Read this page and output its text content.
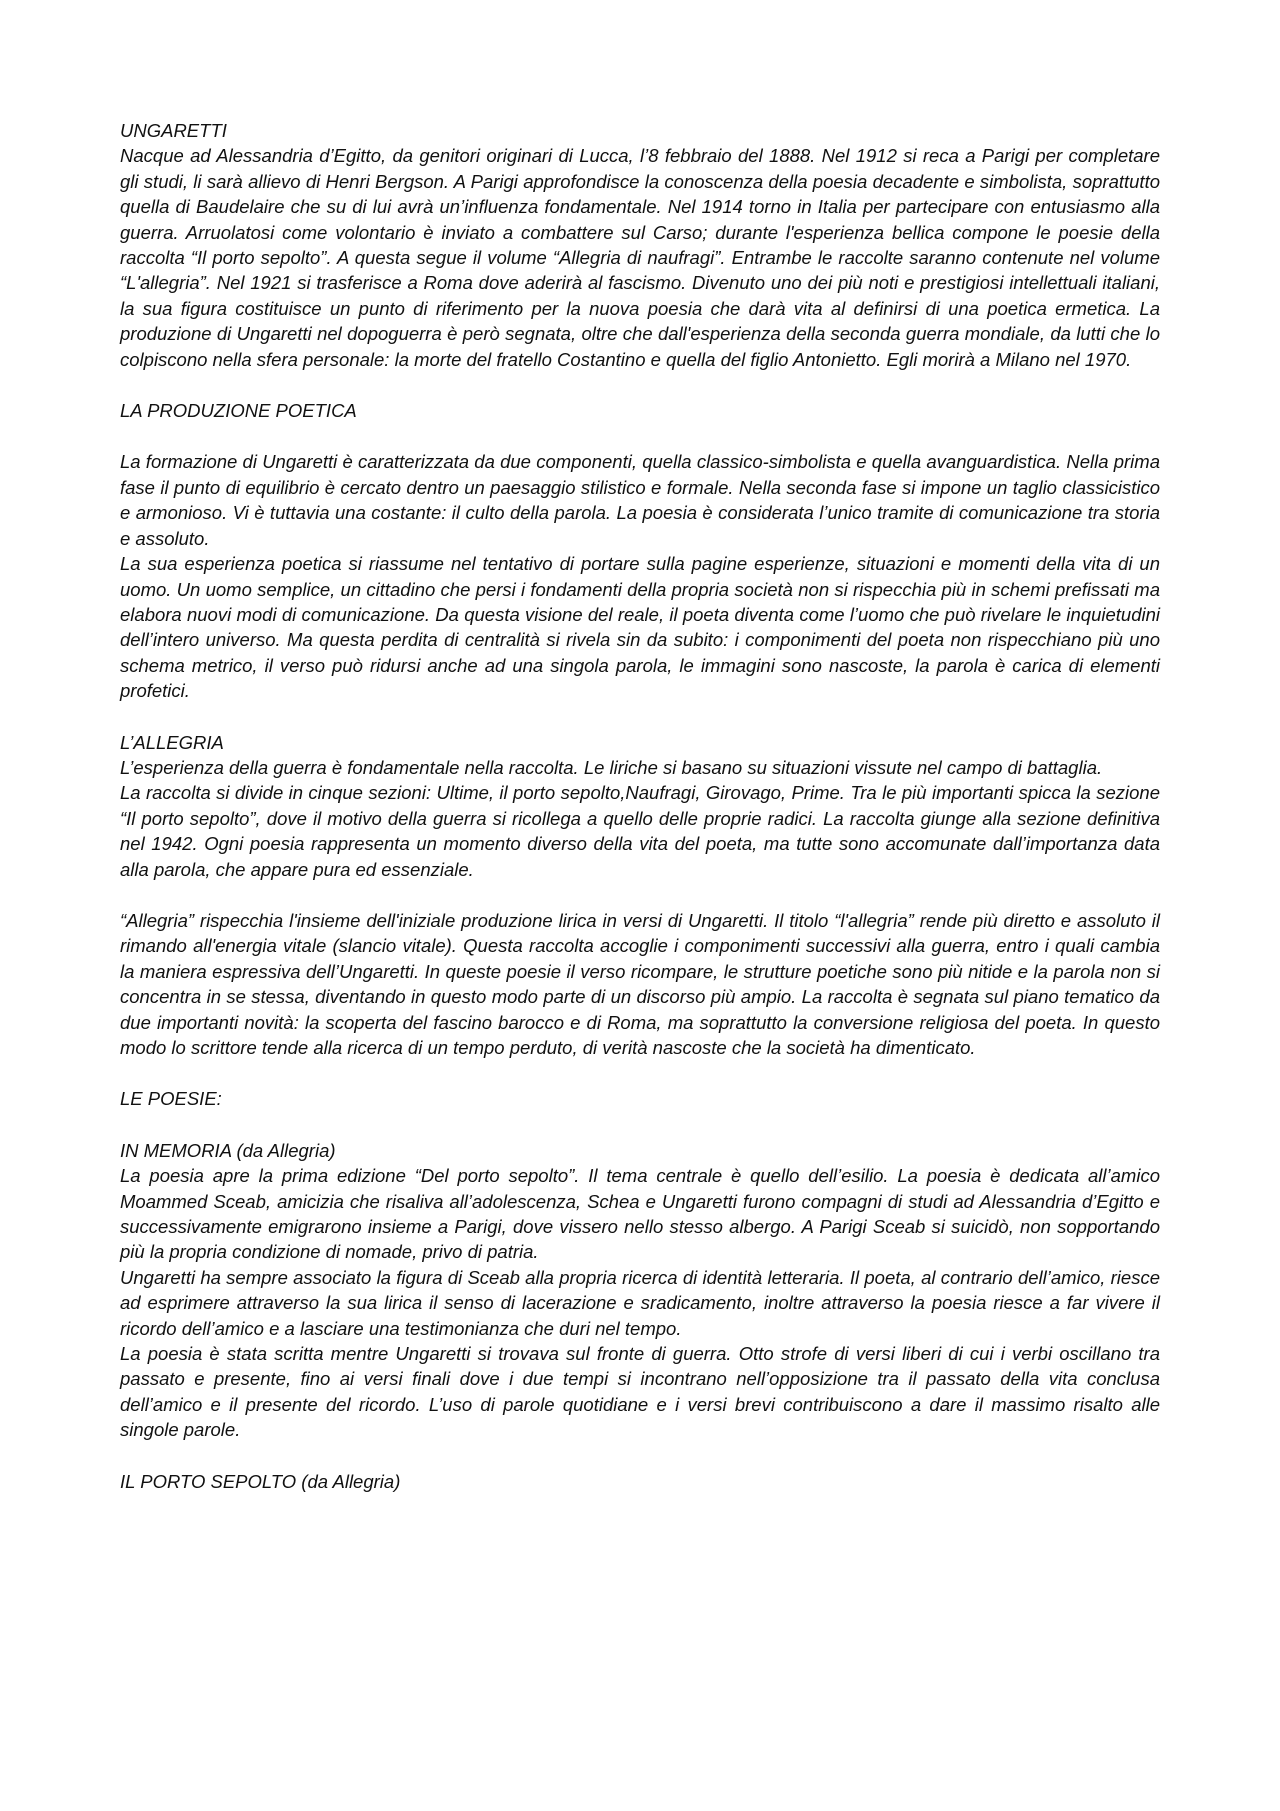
UNGARETTI

Nacque ad Alessandria d’Egitto, da genitori originari di Lucca, l’8 febbraio del 1888. Nel 1912 si reca a Parigi per completare gli studi, li sarà allievo di Henri Bergson. A Parigi approfondisce la conoscenza della poesia decadente e simbolista, soprattutto quella di Baudelaire che su di lui avrà un’influenza fondamentale. Nel 1914 torno in Italia per partecipare con entusiasmo alla guerra. Arruolatosi come volontario è inviato a combattere sul Carso; durante l'esperienza bellica compone le poesie della raccolta “Il porto sepolto”. A questa segue il volume “Allegria di naufragi”. Entrambe le raccolte saranno contenute nel volume “L'allegria”. Nel 1921 si trasferisce a Roma dove aderirà al fascismo. Divenuto uno dei più noti e prestigiosi intellettuali italiani, la sua figura costituisce un punto di riferimento per la nuova poesia che darà vita al definirsi di una poetica ermetica. La produzione di Ungaretti nel dopoguerra è però segnata, oltre che dall'esperienza della seconda guerra mondiale, da lutti che lo colpiscono nella sfera personale: la morte del fratello Costantino e quella del figlio Antonietto. Egli morirà a Milano nel 1970.

LA PRODUZIONE POETICA

La formazione di Ungaretti è caratterizzata da due componenti, quella classico-simbolista e quella avanguardistica. Nella prima fase il punto di equilibrio è cercato dentro un paesaggio stilistico e formale. Nella seconda fase si impone un taglio classicistico e armonioso. Vi è tuttavia una costante: il culto della parola. La poesia è considerata l’unico tramite di comunicazione tra storia e assoluto.

La sua esperienza poetica si riassume nel tentativo di portare sulla pagine esperienze, situazioni e momenti della vita di un uomo. Un uomo semplice, un cittadino che persi i fondamenti della propria società non si rispecchia più in schemi prefissati ma elabora nuovi modi di comunicazione. Da questa visione del reale, il poeta diventa come l’uomo che può rivelare le inquietudini dell’intero universo. Ma questa perdita di centralità si rivela sin da subito: i componimenti del poeta non rispecchiano più uno schema metrico, il verso può ridursi anche ad una singola parola, le immagini sono nascoste, la parola è carica di elementi profetici.

L’ALLEGRIA

L’esperienza della guerra è fondamentale nella raccolta. Le liriche si basano su situazioni vissute nel campo di battaglia.

La raccolta si divide in cinque sezioni: Ultime, il porto sepolto,Naufragi, Girovago, Prime. Tra le più importanti spicca la sezione “Il porto sepolto”, dove il motivo della guerra si ricollega a quello delle proprie radici. La raccolta giunge alla sezione definitiva nel 1942. Ogni poesia rappresenta un momento diverso della vita del poeta, ma tutte sono accomunate dall’importanza data alla parola, che appare pura ed essenziale.

“Allegria” rispecchia l'insieme dell'iniziale produzione lirica in versi di Ungaretti. Il titolo “l'allegria” rende più diretto e assoluto il rimando all'energia vitale (slancio vitale). Questa raccolta accoglie i componimenti successivi alla guerra, entro i quali cambia la maniera espressiva dell’Ungaretti. In queste poesie il verso ricompare, le strutture poetiche sono più nitide e la parola non si concentra in se stessa, diventando in questo modo parte di un discorso più ampio. La raccolta è segnata sul piano tematico da due importanti novità: la scoperta del fascino barocco e di Roma, ma soprattutto la conversione religiosa del poeta. In questo modo lo scrittore tende alla ricerca di un tempo perduto, di verità nascoste che la società ha dimenticato.

LE POESIE:
IN MEMORIA (da Allegria)

La poesia apre la prima edizione “Del porto sepolto”. Il tema centrale è quello dell’esilio. La poesia è dedicata all’amico Moammed Sceab, amicizia che risaliva all’adolescenza, Schea e Ungaretti furono compagni di studi ad Alessandria d’Egitto e successivamente emigrarono insieme a Parigi, dove vissero nello stesso albergo. A Parigi Sceab si suicidò, non sopportando più la propria condizione di nomade, privo di patria.

Ungaretti ha sempre associato la figura di Sceab alla propria ricerca di identità letteraria. Il poeta, al contrario dell’amico, riesce ad esprimere attraverso la sua lirica il senso di lacerazione e sradicamento, inoltre attraverso la poesia riesce a far vivere il ricordo dell’amico e a lasciare una testimonianza che duri nel tempo.

La poesia è stata scritta mentre Ungaretti si trovava sul fronte di guerra. Otto strofe di versi liberi di cui i verbi oscillano tra passato e presente, fino ai versi finali dove i due tempi si incontrano nell’opposizione tra il passato della vita conclusa dell’amico e il presente del ricordo. L’uso di parole quotidiane e i versi brevi contribuiscono a dare il massimo risalto alle singole parole.

IL PORTO SEPOLTO (da Allegria)
